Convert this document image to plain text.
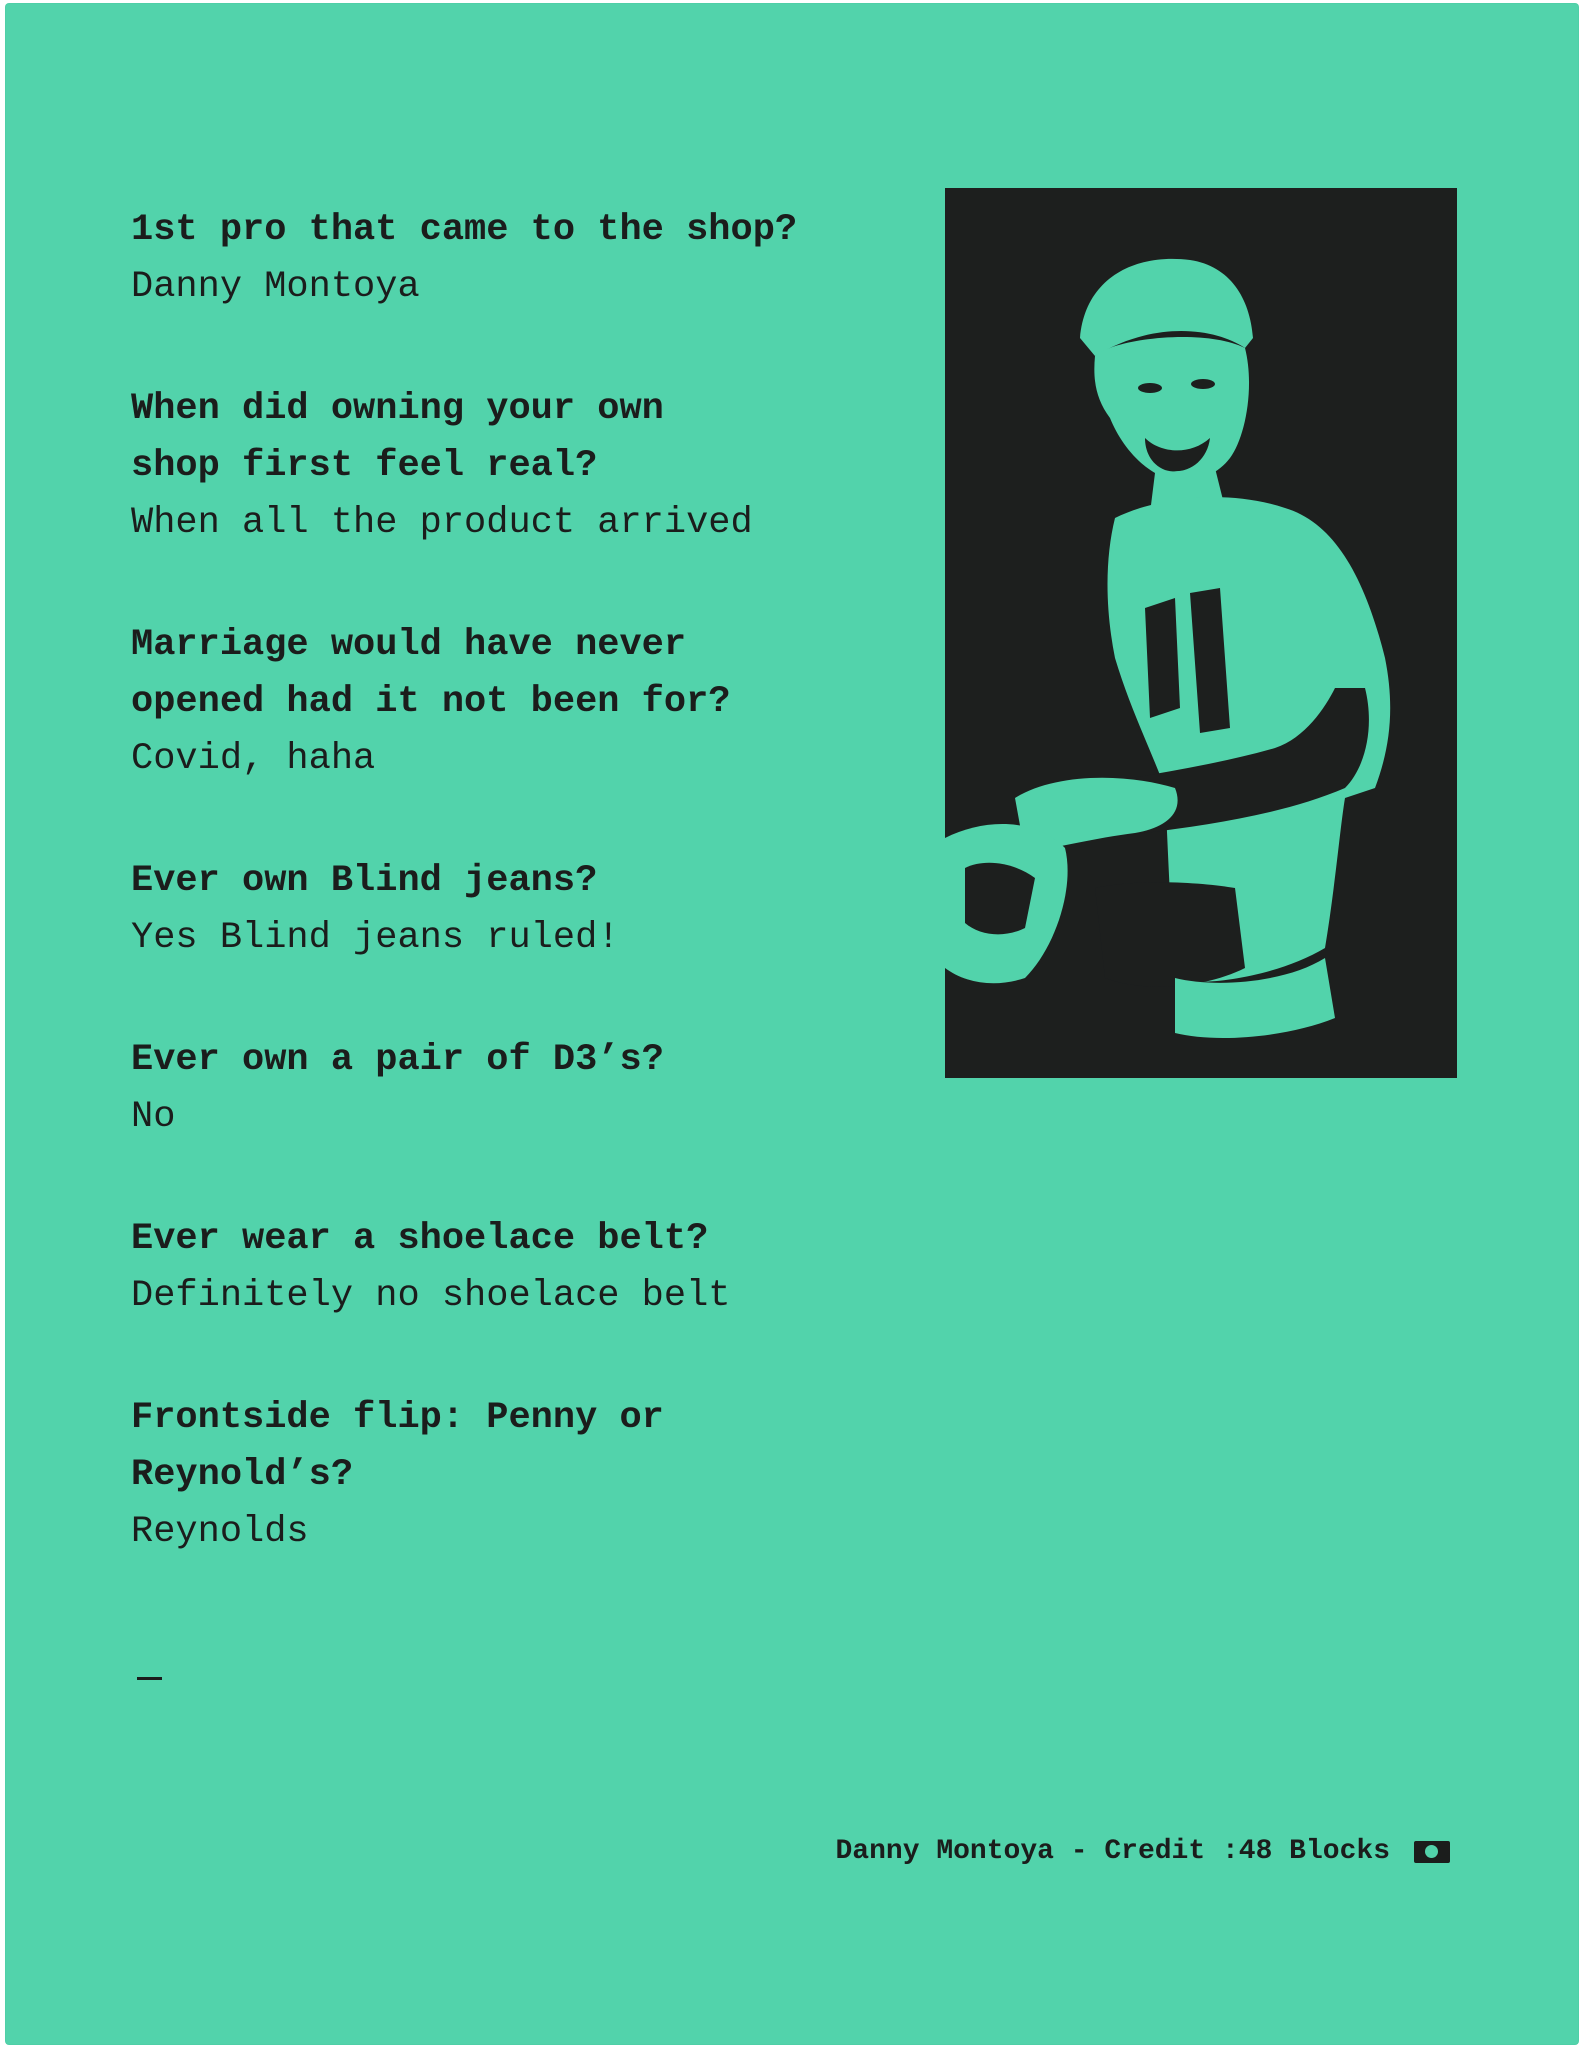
1st pro that came to the shop?

Danny Montoya

When did owning your own
shop first feel real?

When all the product arrived

Marriage would have never
opened had it not been for?

Covid, haha

Ever own Blind jeans?

Yes Blind jeans ruled!

Ever own a pair of D3’s?

No

Ever wear a shoelace belt?

Definitely no shoelace belt

Frontside flip: Penny or
Reynold’s?

Reynolds

Danny Montoya - Credit :48 Blocks
